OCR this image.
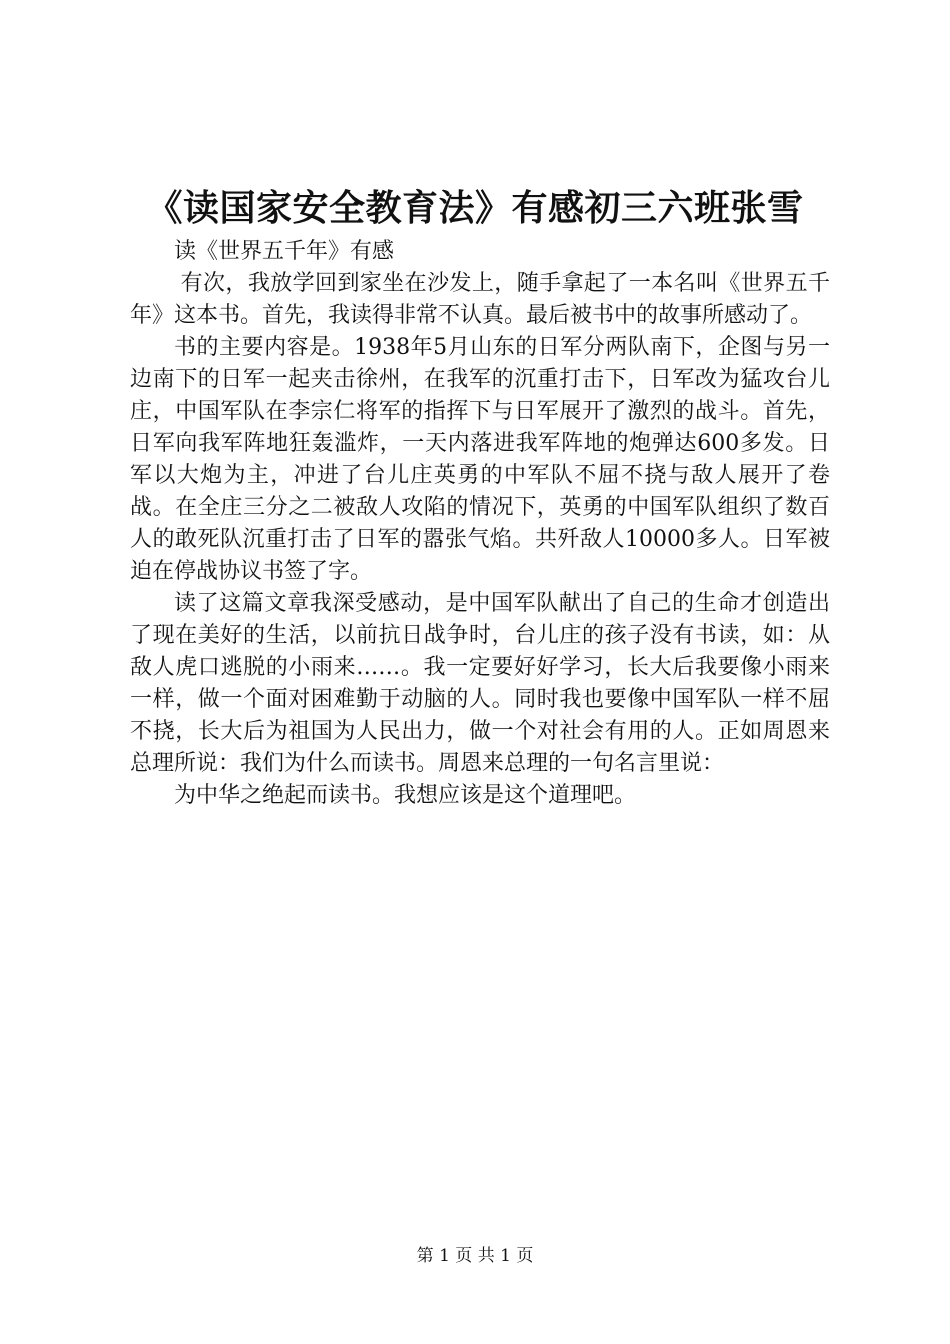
《读国家安全教育法》有感初三六班张雪

读《世界五千年》有感

有次，我放学回到家坐在沙发上，随手拿起了一本名叫《世界五千年》这本书。首先，我读得非常不认真。最后被书中的故事所感动了。

书的主要内容是。1938年5月山东的日军分两队南下，企图与另一边南下的日军一起夹击徐州，在我军的沉重打击下，日军改为猛攻台儿庄，中国军队在李宗仁将军的指挥下与日军展开了激烈的战斗。首先，日军向我军阵地狂轰滥炸，一天内落进我军阵地的炮弹达600多发。日军以大炮为主，冲进了台儿庄英勇的中军队不屈不挠与敌人展开了卷战。在全庄三分之二被敌人攻陷的情况下，英勇的中国军队组织了数百人的敢死队沉重打击了日军的嚣张气焰。共歼敌人10000多人。日军被迫在停战协议书签了字。

读了这篇文章我深受感动，是中国军队献出了自己的生命才创造出了现在美好的生活，以前抗日战争时，台儿庄的孩子没有书读，如：从敌人虎口逃脱的小雨来……。我一定要好好学习，长大后我要像小雨来一样，做一个面对困难勤于动脑的人。同时我也要像中国军队一样不屈不挠，长大后为祖国为人民出力，做一个对社会有用的人。正如周恩来总理所说：我们为什么而读书。周恩来总理的一句名言里说：

为中华之绝起而读书。我想应该是这个道理吧。

第 1 页 共 1 页
